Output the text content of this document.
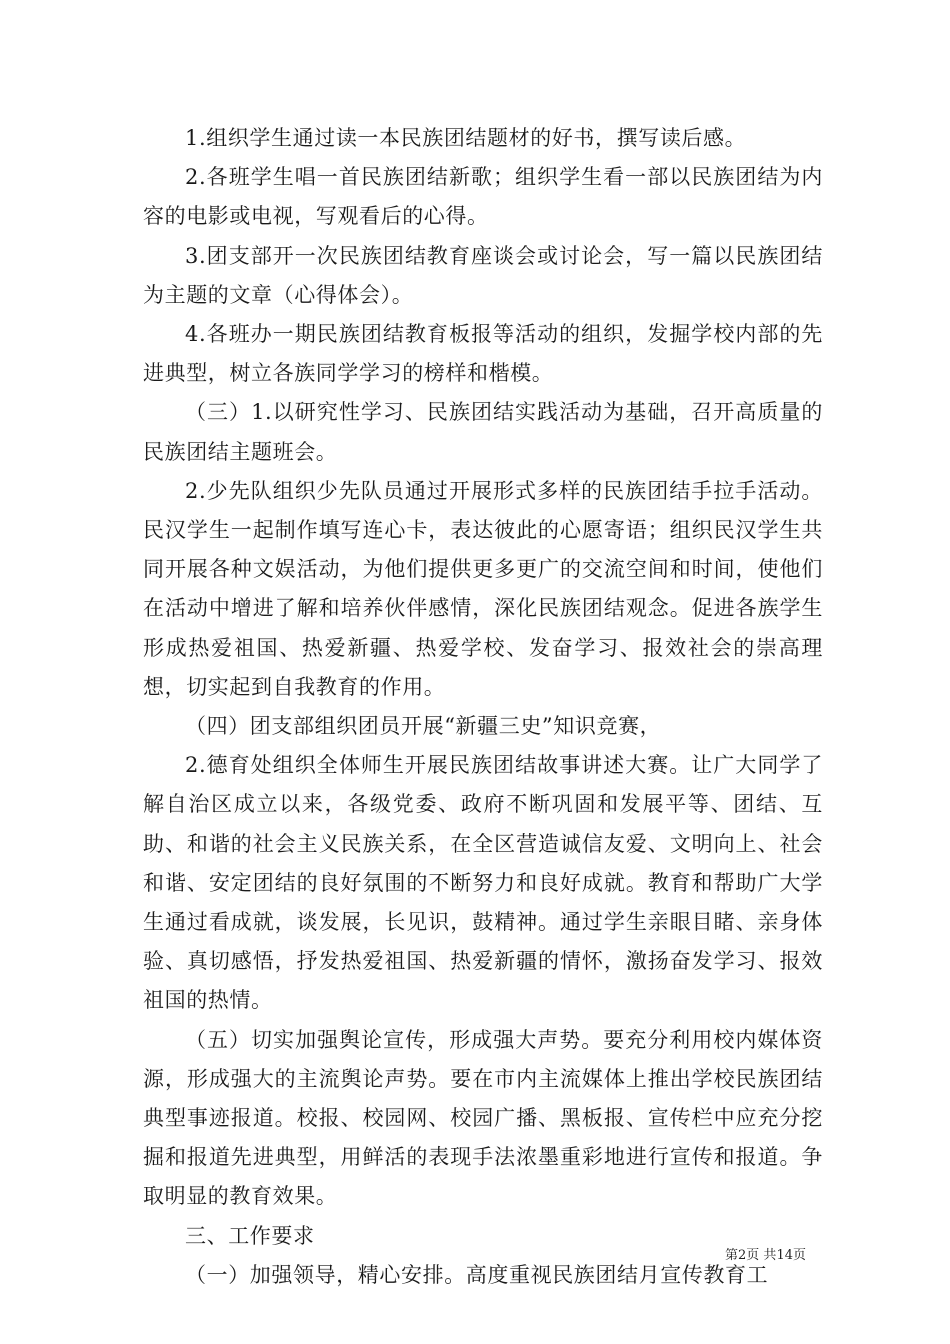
1.组织学生通过读一本民族团结题材的好书，撰写读后感。

2.各班学生唱一首民族团结新歌；组织学生看一部以民族团结为内容的电影或电视，写观看后的心得。

3.团支部开一次民族团结教育座谈会或讨论会，写一篇以民族团结为主题的文章（心得体会）。

4.各班办一期民族团结教育板报等活动的组织，发掘学校内部的先进典型，树立各族同学学习的榜样和楷模。

（三）1.以研究性学习、民族团结实践活动为基础，召开高质量的民族团结主题班会。

2.少先队组织少先队员通过开展形式多样的民族团结手拉手活动。民汉学生一起制作填写连心卡，表达彼此的心愿寄语；组织民汉学生共同开展各种文娱活动，为他们提供更多更广的交流空间和时间，使他们在活动中增进了解和培养伙伴感情，深化民族团结观念。促进各族学生形成热爱祖国、热爱新疆、热爱学校、发奋学习、报效社会的崇高理想，切实起到自我教育的作用。

（四）团支部组织团员开展“新疆三史”知识竞赛，

2.德育处组织全体师生开展民族团结故事讲述大赛。让广大同学了解自治区成立以来，各级党委、政府不断巩固和发展平等、团结、互助、和谐的社会主义民族关系，在全区营造诚信友爱、文明向上、社会和谐、安定团结的良好氛围的不断努力和良好成就。教育和帮助广大学生通过看成就，谈发展，长见识，鼓精神。通过学生亲眼目睹、亲身体验、真切感悟，抒发热爱祖国、热爱新疆的情怀，激扬奋发学习、报效祖国的热情。

（五）切实加强舆论宣传，形成强大声势。要充分利用校内媒体资源，形成强大的主流舆论声势。要在市内主流媒体上推出学校民族团结典型事迹报道。校报、校园网、校园广播、黑板报、宣传栏中应充分挖掘和报道先进典型，用鲜活的表现手法浓墨重彩地进行宣传和报道。争取明显的教育效果。

三、工作要求

（一）加强领导，精心安排。高度重视民族团结月宣传教育工

第2页 共14页
